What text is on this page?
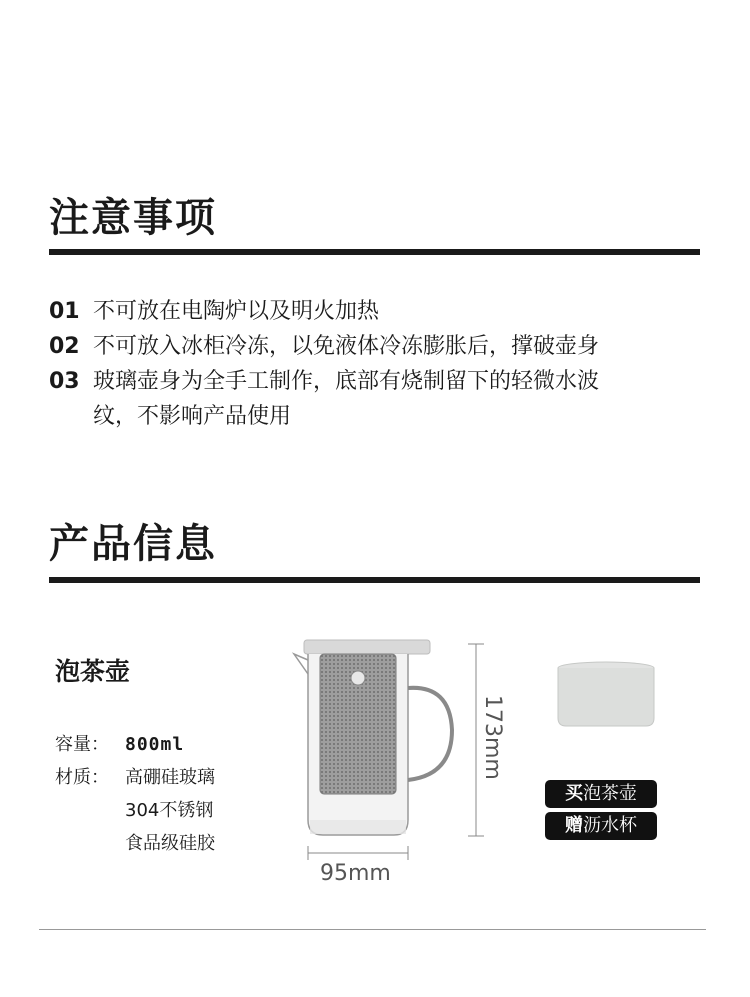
注意事项
01 不可放在电陶炉以及明火加热
02 不可放入冰柜冷冻，以免液体冷冻膨胀后，撑破壶身
03 玻璃壶身为全手工制作，底部有烧制留下的轻微水波
纹，不影响产品使用
产品信息
泡茶壶
容量： 800ml
材质： 高硼硅玻璃
304不锈钢
食品级硅胶
173mm
95mm
买泡茶壶
赠沥水杯
